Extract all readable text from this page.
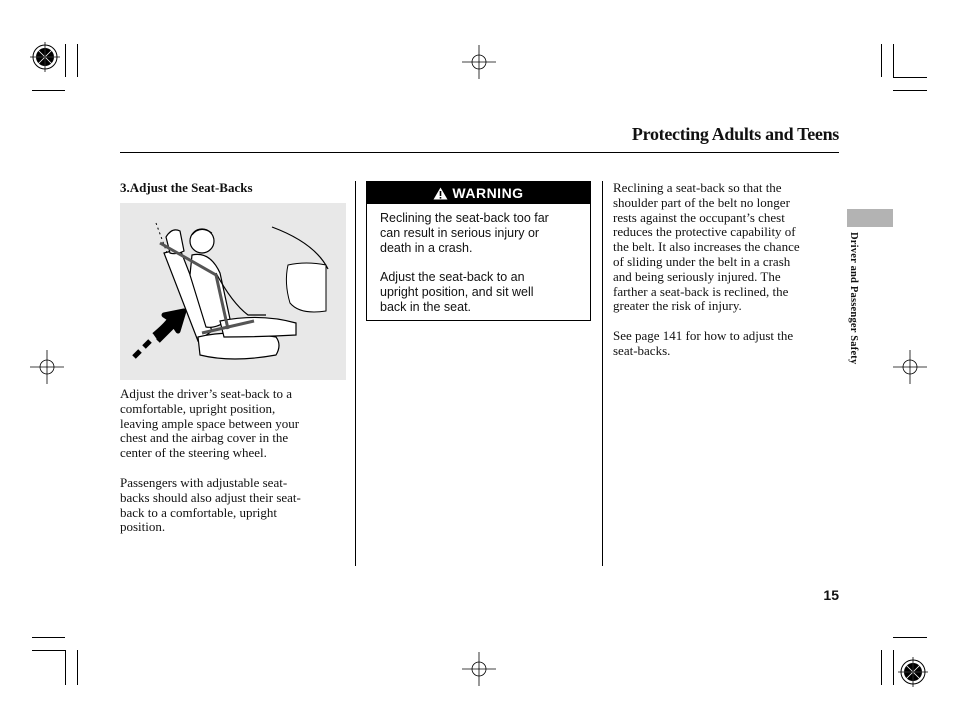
Protecting Adults and Teens
3.Adjust the Seat-Backs
Adjust the driver’s seat-back to a
comfortable, upright position,
leaving ample space between your
chest and the airbag cover in the
center of the steering wheel.
Passengers with adjustable seat-
backs should also adjust their seat-
back to a comfortable, upright
position.
WARNING
Reclining the seat-back too far
can result in serious injury or
death in a crash.
Adjust the seat-back to an
upright position, and sit well
back in the seat.
Reclining a seat-back so that the
shoulder part of the belt no longer
rests against the occupant’s chest
reduces the protective capability of
the belt. It also increases the chance
of sliding under the belt in a crash
and being seriously injured. The
farther a seat-back is reclined, the
greater the risk of injury.
See page 141 for how to adjust the
seat-backs.	Driver and Passenger Safety
15
